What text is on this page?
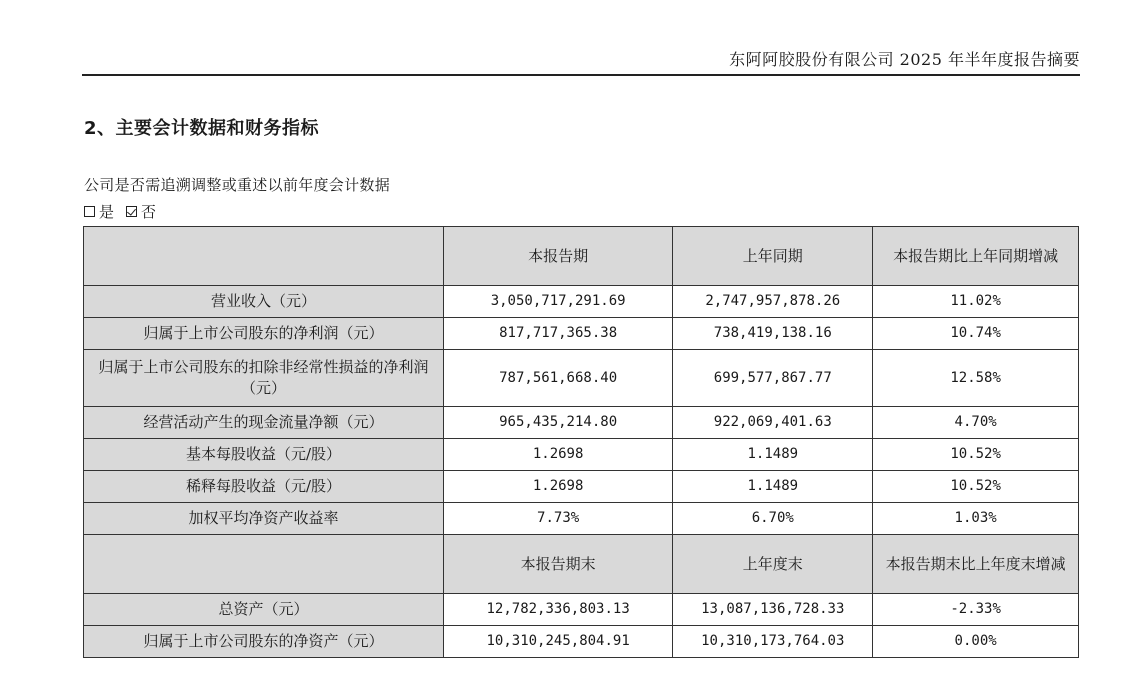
东阿阿胶股份有限公司 2025 年半年度报告摘要
2、主要会计数据和财务指标
公司是否需追溯调整或重述以前年度会计数据
是 否
	本报告期	上年同期	本报告期比上年同期增减
营业收入（元）	3,050,717,291.69	2,747,957,878.26	11.02%
归属于上市公司股东的净利润（元）	817,717,365.38	738,419,138.16	10.74%
归属于上市公司股东的扣除非经常性损益的净利润（元）	787,561,668.40	699,577,867.77	12.58%
经营活动产生的现金流量净额（元）	965,435,214.80	922,069,401.63	4.70%
基本每股收益（元/股）	1.2698	1.1489	10.52%
稀释每股收益（元/股）	1.2698	1.1489	10.52%
加权平均净资产收益率	7.73%	6.70%	1.03%
	本报告期末	上年度末	本报告期末比上年度末增减
总资产（元）	12,782,336,803.13	13,087,136,728.33	-2.33%
归属于上市公司股东的净资产（元）	10,310,245,804.91	10,310,173,764.03	0.00%
